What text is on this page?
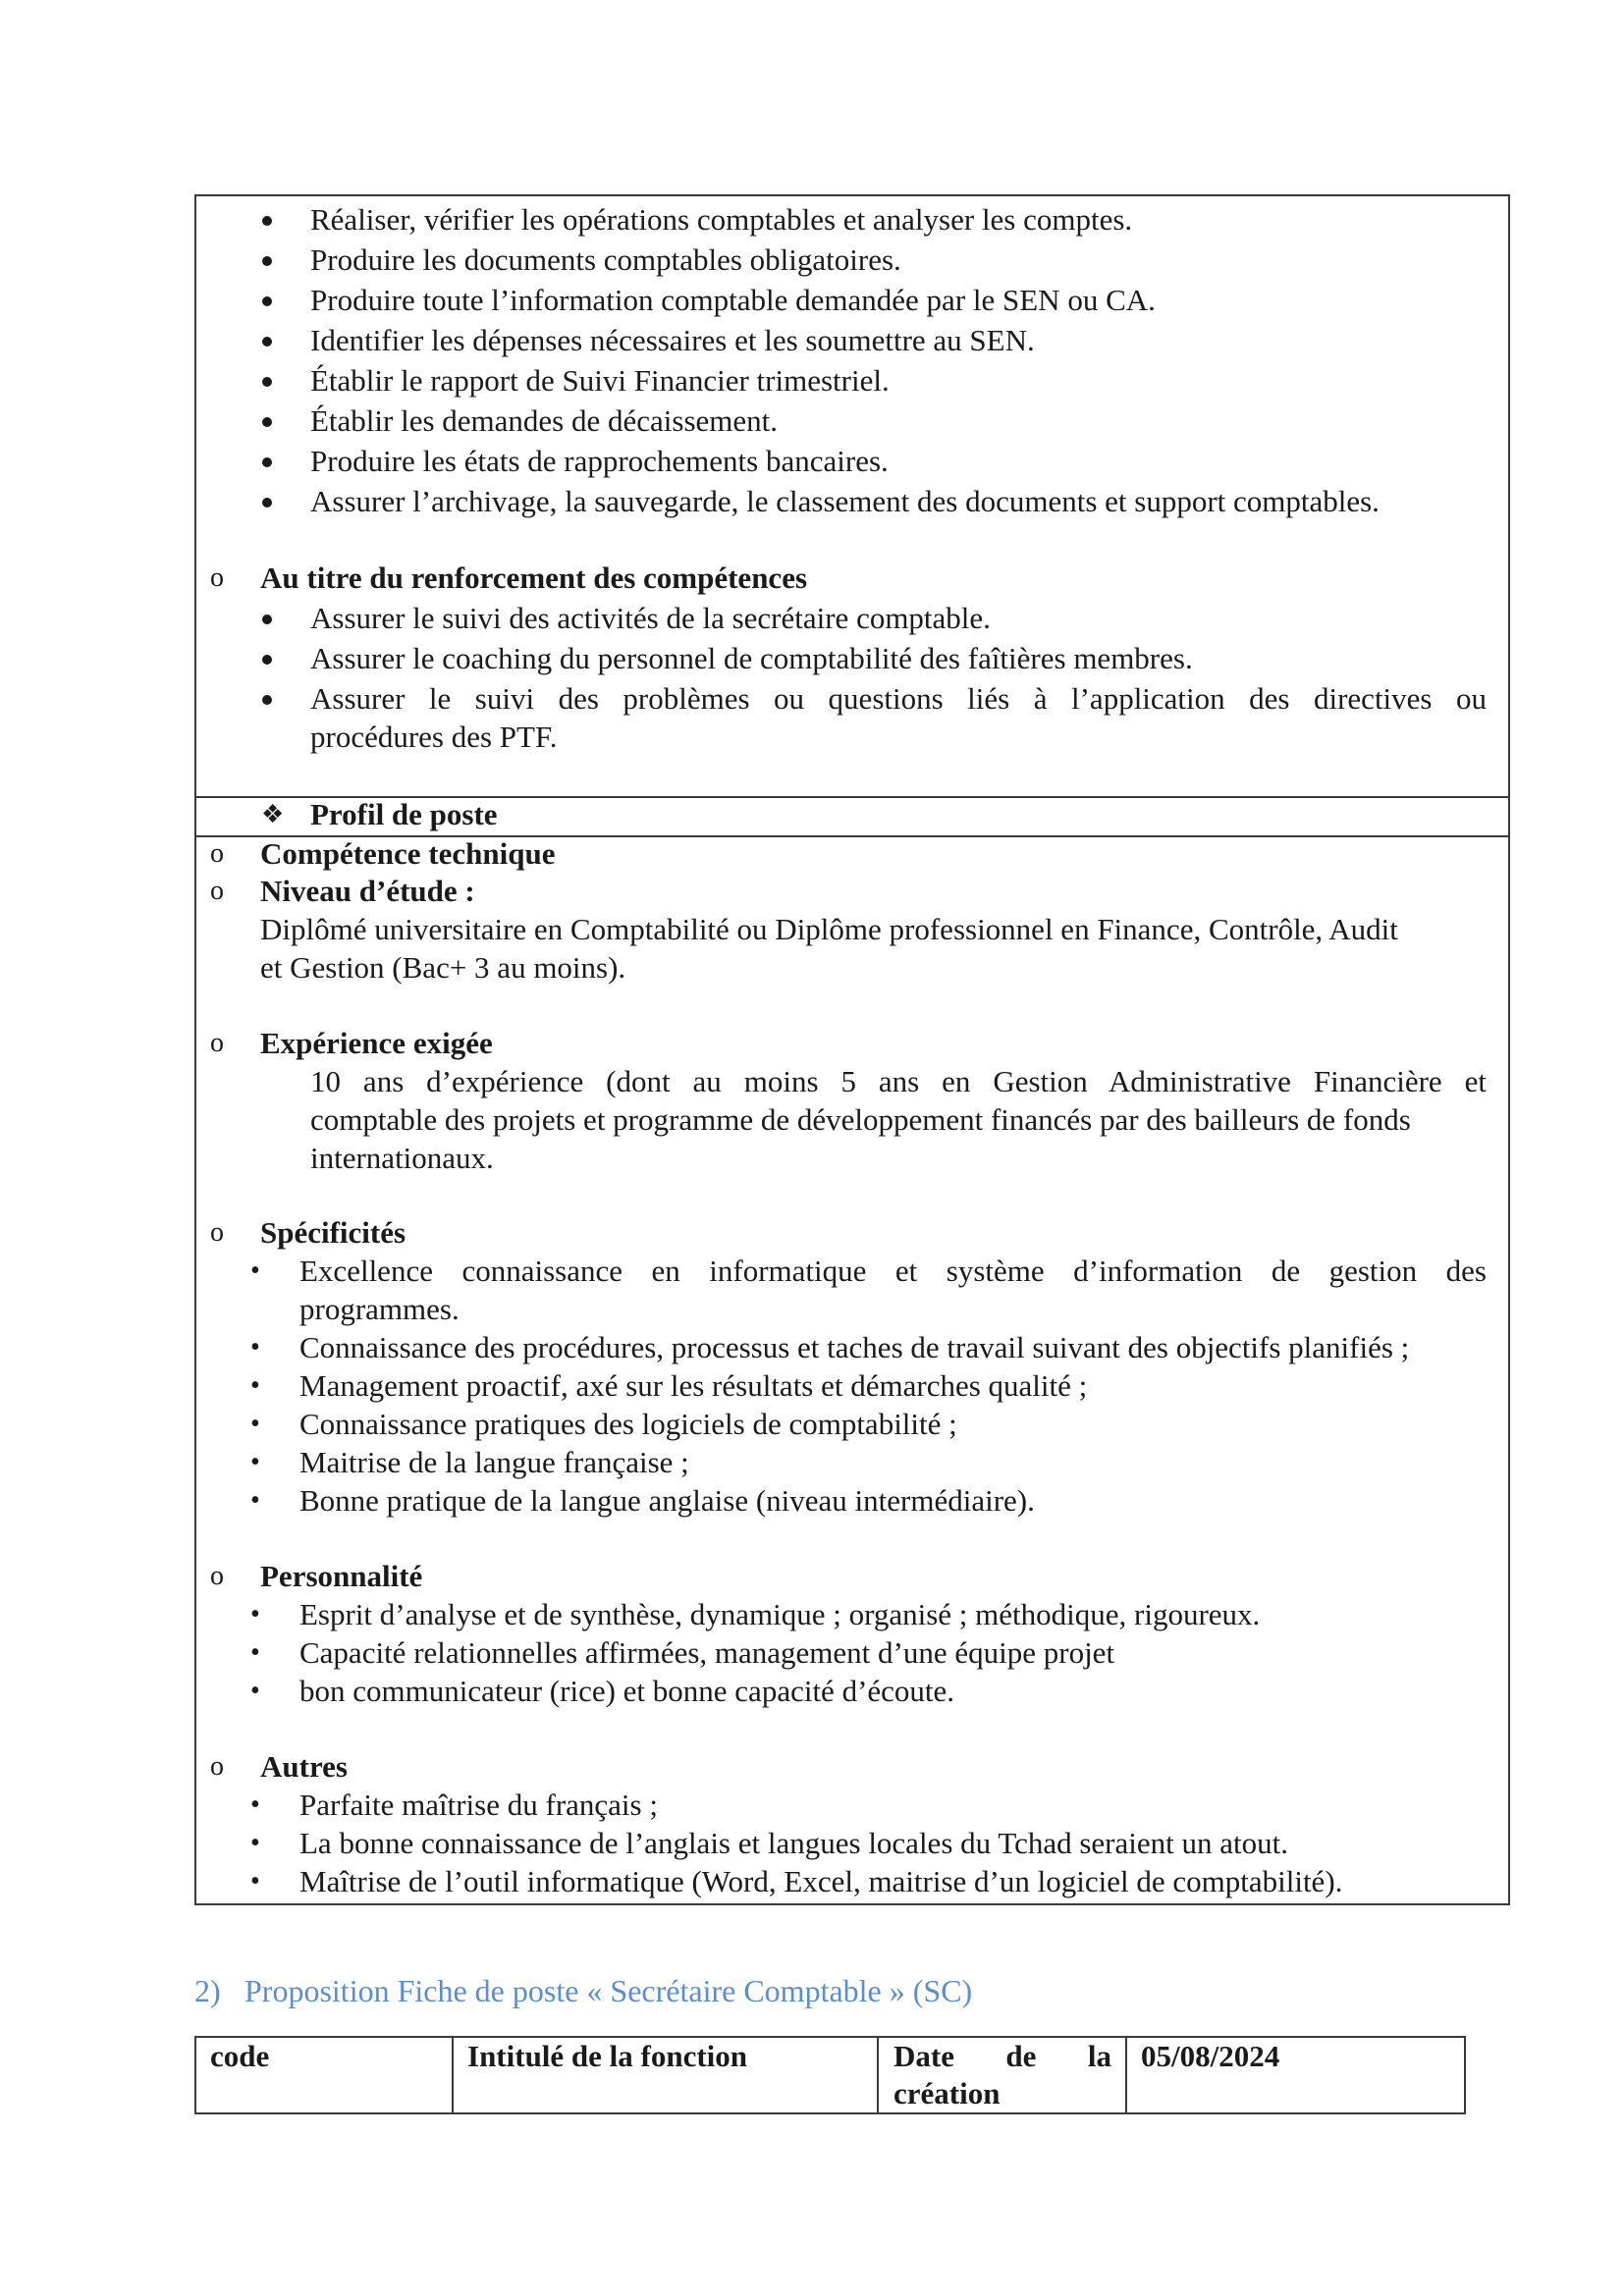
Réaliser, vérifier les opérations comptables et analyser les comptes.
Produire les documents comptables obligatoires.
Produire toute l’information comptable demandée par le SEN ou CA.
Identifier les dépenses nécessaires et les soumettre au SEN.
Établir le rapport de Suivi Financier trimestriel.
Établir les demandes de décaissement.
Produire les états de rapprochements bancaires.
Assurer l’archivage, la sauvegarde, le classement des documents et support comptables.
o Au titre du renforcement des compétences
Assurer le suivi des activités de la secrétaire comptable.
Assurer le coaching du personnel de comptabilité des faîtières membres.
Assurer le suivi des problèmes ou questions liés à l’application des directives ou
procédures des PTF.
❖ Profil de poste
o Compétence technique
o Niveau d’étude :
Diplômé universitaire en Comptabilité ou Diplôme professionnel en Finance, Contrôle, Audit
et Gestion (Bac+ 3 au moins).
o Expérience exigée
10 ans d’expérience (dont au moins 5 ans en Gestion Administrative Financière et
comptable des projets et programme de développement financés par des bailleurs de fonds
internationaux.
o Spécificités
• Excellence connaissance en informatique et système d’information de gestion des
programmes.
• Connaissance des procédures, processus et taches de travail suivant des objectifs planifiés ;
• Management proactif, axé sur les résultats et démarches qualité ;
• Connaissance pratiques des logiciels de comptabilité ;
• Maitrise de la langue française ;
• Bonne pratique de la langue anglaise (niveau intermédiaire).
o Personnalité
• Esprit d’analyse et de synthèse, dynamique ; organisé ; méthodique, rigoureux.
• Capacité relationnelles affirmées, management d’une équipe projet
• bon communicateur (rice) et bonne capacité d’écoute.
o Autres
• Parfaite maîtrise du français ;
• La bonne connaissance de l’anglais et langues locales du Tchad seraient un atout.
• Maîtrise de l’outil informatique (Word, Excel, maitrise d’un logiciel de comptabilité).
2) Proposition Fiche de poste « Secrétaire Comptable » (SC)
code	Intitulé de la fonction	Date de la
création
05/08/2024
